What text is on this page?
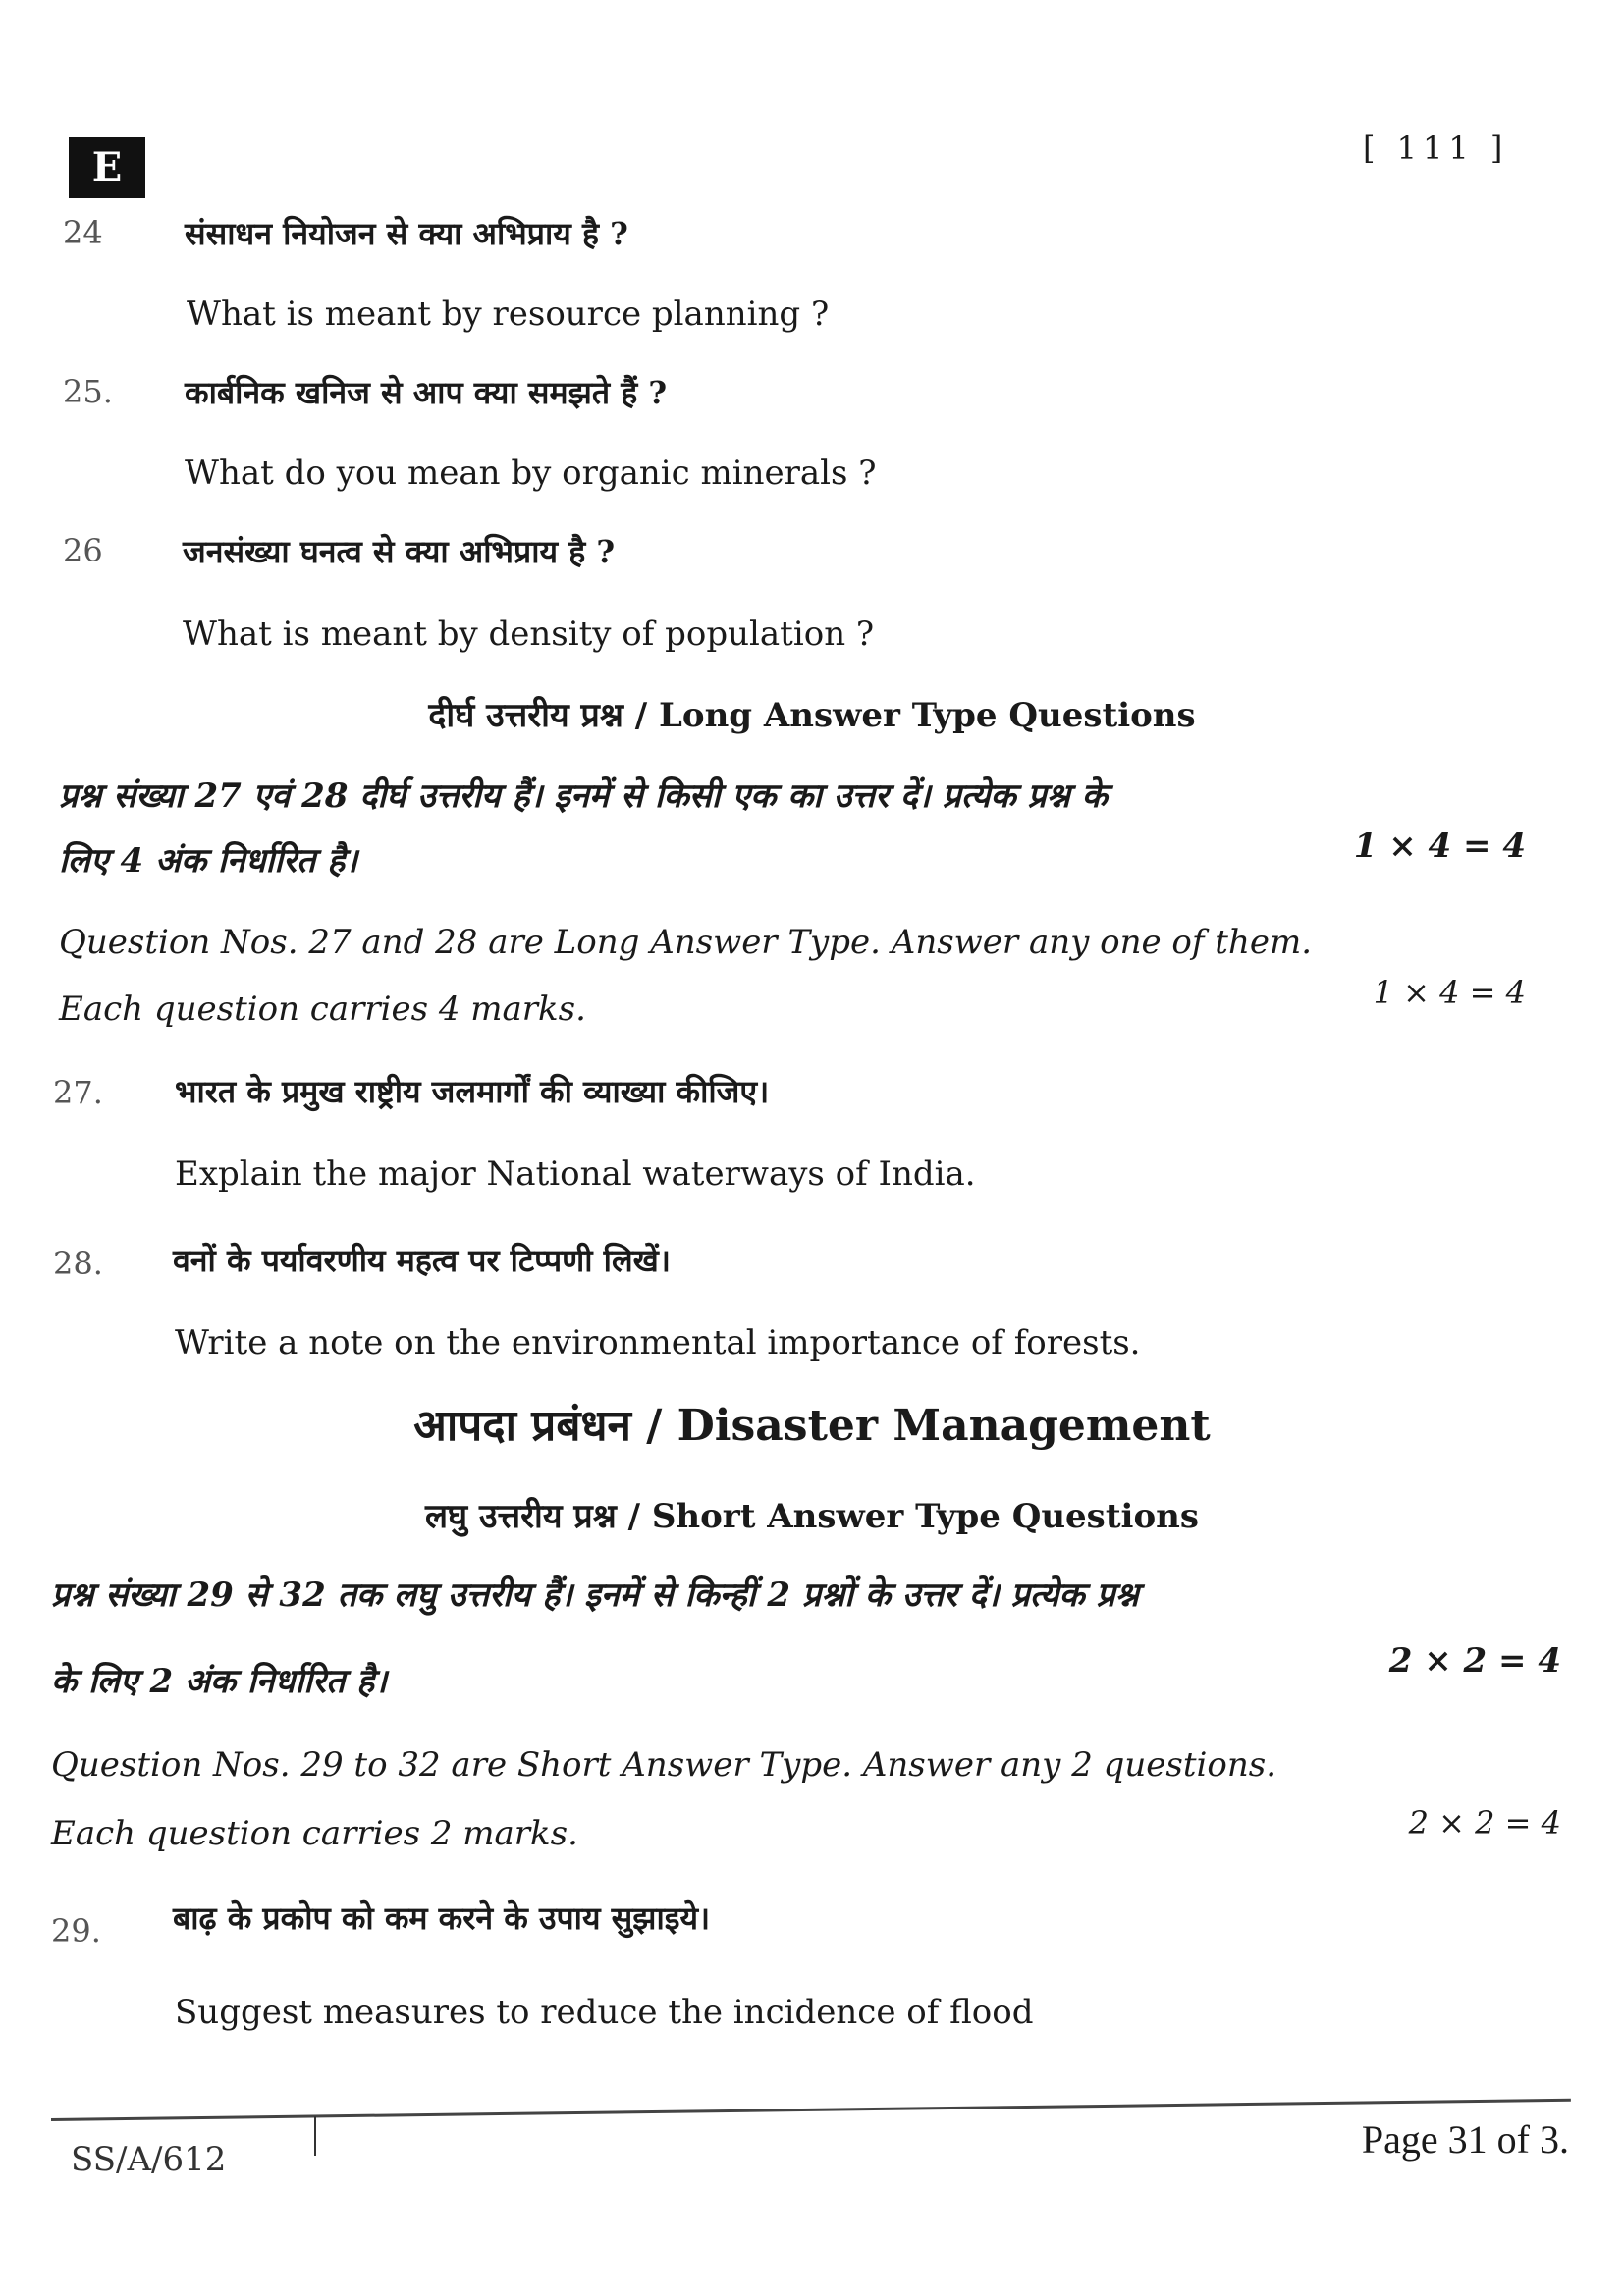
E	[ 111 ]
24	संसाधन नियोजन से क्या अभिप्राय है ?
What is meant by resource planning ?
25. कार्बनिक खनिज से आप क्या समझते हैं ?
What do you mean by organic minerals ?
26	जनसंख्या घनत्व से क्या अभिप्राय है ?
What is meant by density of population ?
दीर्घ उत्तरीय प्रश्न / Long Answer Type Questions
प्रश्न संख्या 27 एवं 28 दीर्घ उत्तरीय हैं। इनमें से किसी एक का उत्तर दें। प्रत्येक प्रश्न के
लिए 4 अंक निर्धारित है।	1 × 4 = 4
Question Nos. 27 and 28 are Long Answer Type. Answer any one of them.
Each question carries 4 marks.	1 × 4 = 4
27. भारत के प्रमुख राष्ट्रीय जलमार्गों की व्याख्या कीजिए।
Explain the major National waterways of India.
28. वनों के पर्यावरणीय महत्व पर टिप्पणी लिखें।
Write a note on the environmental importance of forests.
आपदा प्रबंधन / Disaster Management
लघु उत्तरीय प्रश्न / Short Answer Type Questions
प्रश्न संख्या 29 से 32 तक लघु उत्तरीय हैं। इनमें से किन्हीं 2 प्रश्नों के उत्तर दें। प्रत्येक प्रश्न
के लिए 2 अंक निर्धारित है।
2 × 2 = 4
Question Nos. 29 to 32 are Short Answer Type. Answer any 2 questions.
Each question carries 2 marks.	2 × 2 = 4
29. बाढ़ के प्रकोप को कम करने के उपाय सुझाइये।
Suggest measures to reduce the incidence of flood
SS/A/612	Page 31 of 3.
